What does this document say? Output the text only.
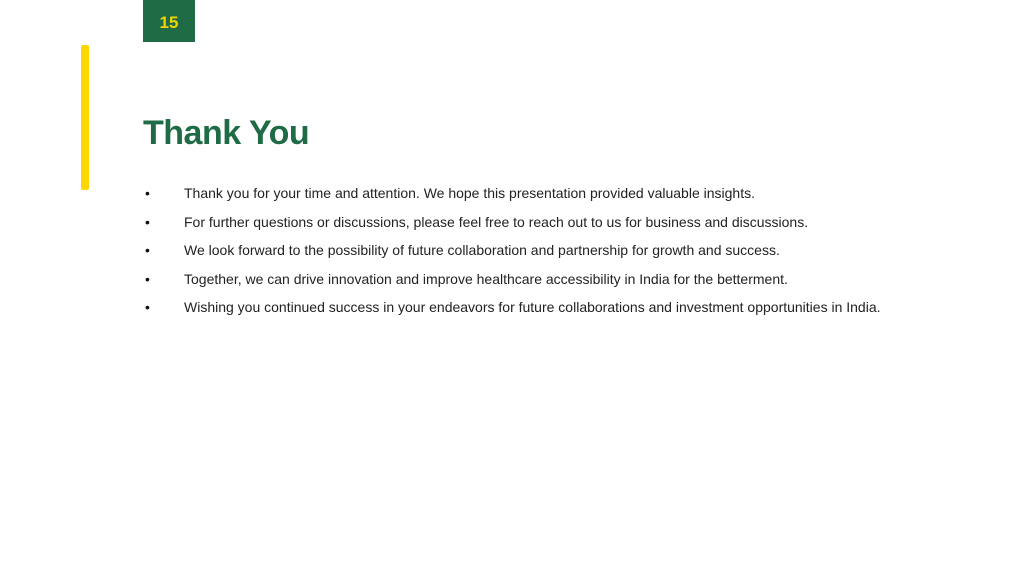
15
Thank You
•	Thank you for your time and attention. We hope this presentation provided valuable insights.
•	For further questions or discussions, please feel free to reach out to us for business and discussions.
•	We look forward to the possibility of future collaboration and partnership for growth and success.
•	Together, we can drive innovation and improve healthcare accessibility in India for the betterment.
•	Wishing you continued success in your endeavors for future collaborations and investment opportunities in India.
